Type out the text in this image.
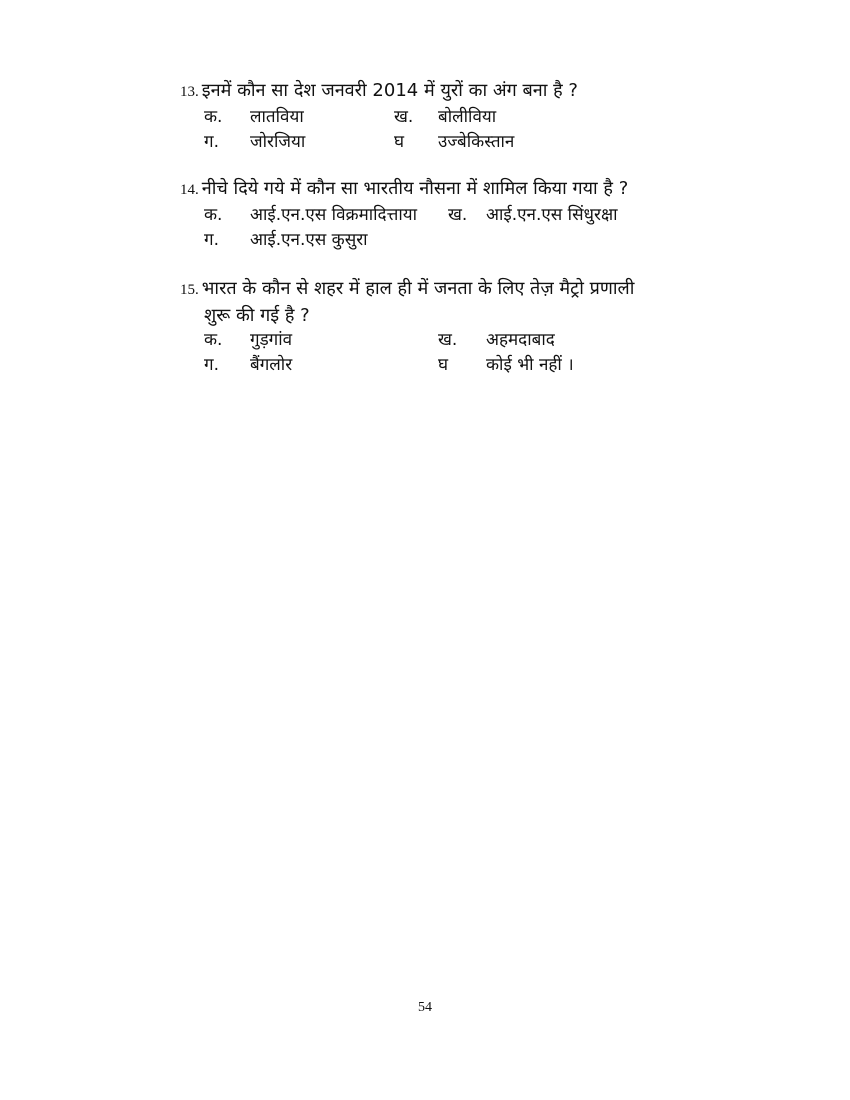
13. इनमें कौन सा देश जनवरी 2014 में युरों का अंग बना है ?
क. लातविया	ख. बोलीविया
ग. जोरजिया	घ उज्बेकिस्तान
14. नीचे दिये गये में कौन सा भारतीय नौसना में शामिल किया गया है ?
क. आई.एन.एस विक्रमादित्ताया ख. आई.एन.एस सिंधुरक्षा
ग. आई.एन.एस कुसुरा
15. भारत के कौन से शहर में हाल ही में जनता के लिए तेज़ मैट्रो प्रणाली
शुरू की गई है ?
क. गुड़गांव	ख. अहमदाबाद
ग. बैंगलोर	घ कोई भी नहीं ।
54
